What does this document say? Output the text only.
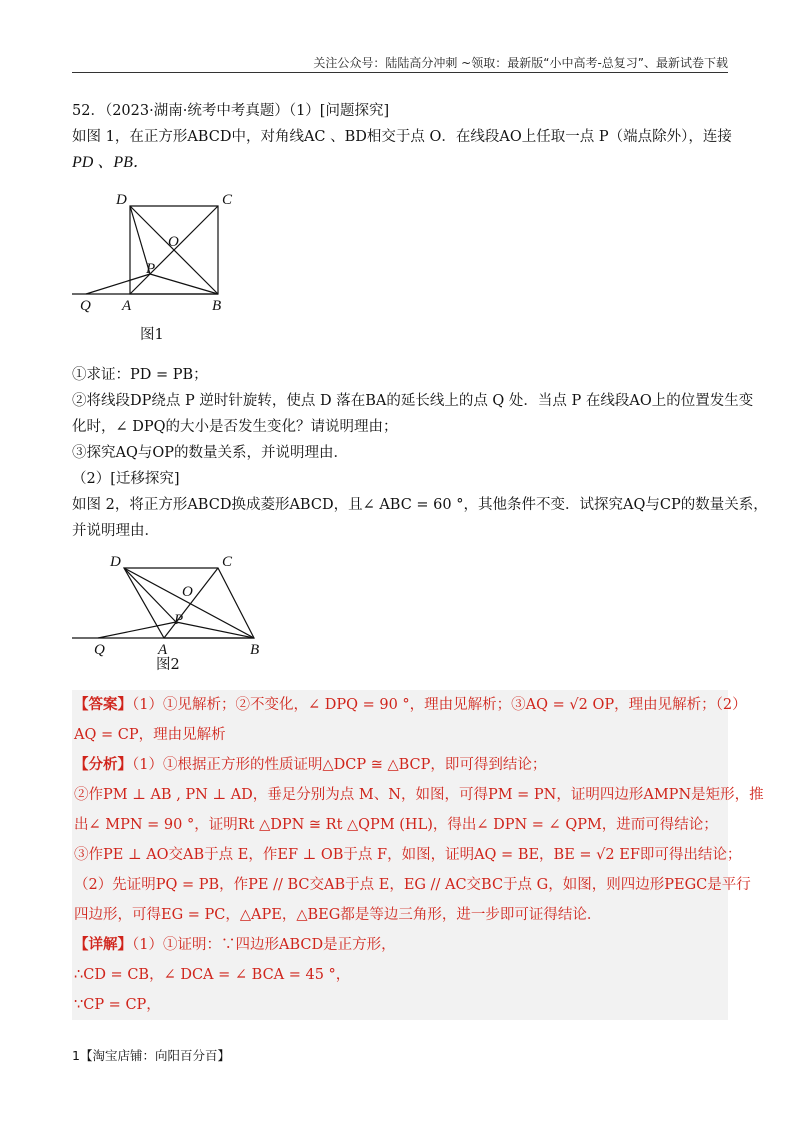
关注公众号：陆陆高分冲刺 ~领取：最新版“小中高考-总复习”、最新试卷下载
52．（2023·湖南·统考中考真题）（1）[问题探究]
如图 1，在正方形ABCD中，对角线AC 、BD相交于点 O．在线段AO上任取一点 P（端点除外），连接
PD 、PB．
D	C
O
P
Q A	B
图1
①求证：PD = PB；
②将线段DP绕点 P 逆时针旋转，使点 D 落在BA的延长线上的点 Q 处．当点 P 在线段AO上的位置发生变
化时，∠ DPQ的大小是否发生变化？请说明理由；
③探究AQ与OP的数量关系，并说明理由．
（2）[迁移探究]
如图 2，将正方形ABCD换成菱形ABCD，且∠ ABC = 60 °，其他条件不变．试探究AQ与CP的数量关系，
并说明理由．
D	C
O
P
Q	A	B
图2
【答案】（1）①见解析；②不变化，∠ DPQ = 90 °，理由见解析；③AQ = √2 OP，理由见解析；（2）
AQ = CP，理由见解析
【分析】（1）①根据正方形的性质证明△DCP ≅ △BCP，即可得到结论；
②作PM ⊥ AB , PN ⊥ AD，垂足分别为点 M、N，如图，可得PM = PN，证明四边形AMPN是矩形，推
出∠ MPN = 90 °，证明Rt △DPN ≅ Rt △QPM (HL)，得出∠ DPN = ∠ QPM，进而可得结论；
③作PE ⊥ AO交AB于点 E，作EF ⊥ OB于点 F，如图，证明AQ = BE，BE = √2 EF即可得出结论；
（2）先证明PQ = PB，作PE // BC交AB于点 E，EG // AC交BC于点 G，如图，则四边形PEGC是平行
四边形，可得EG = PC，△APE，△BEG都是等边三角形，进一步即可证得结论．
【详解】（1）①证明：∵四边形ABCD是正方形，
∴CD = CB，∠ DCA = ∠ BCA = 45 °，
∵CP = CP，
1【淘宝店铺：向阳百分百】
